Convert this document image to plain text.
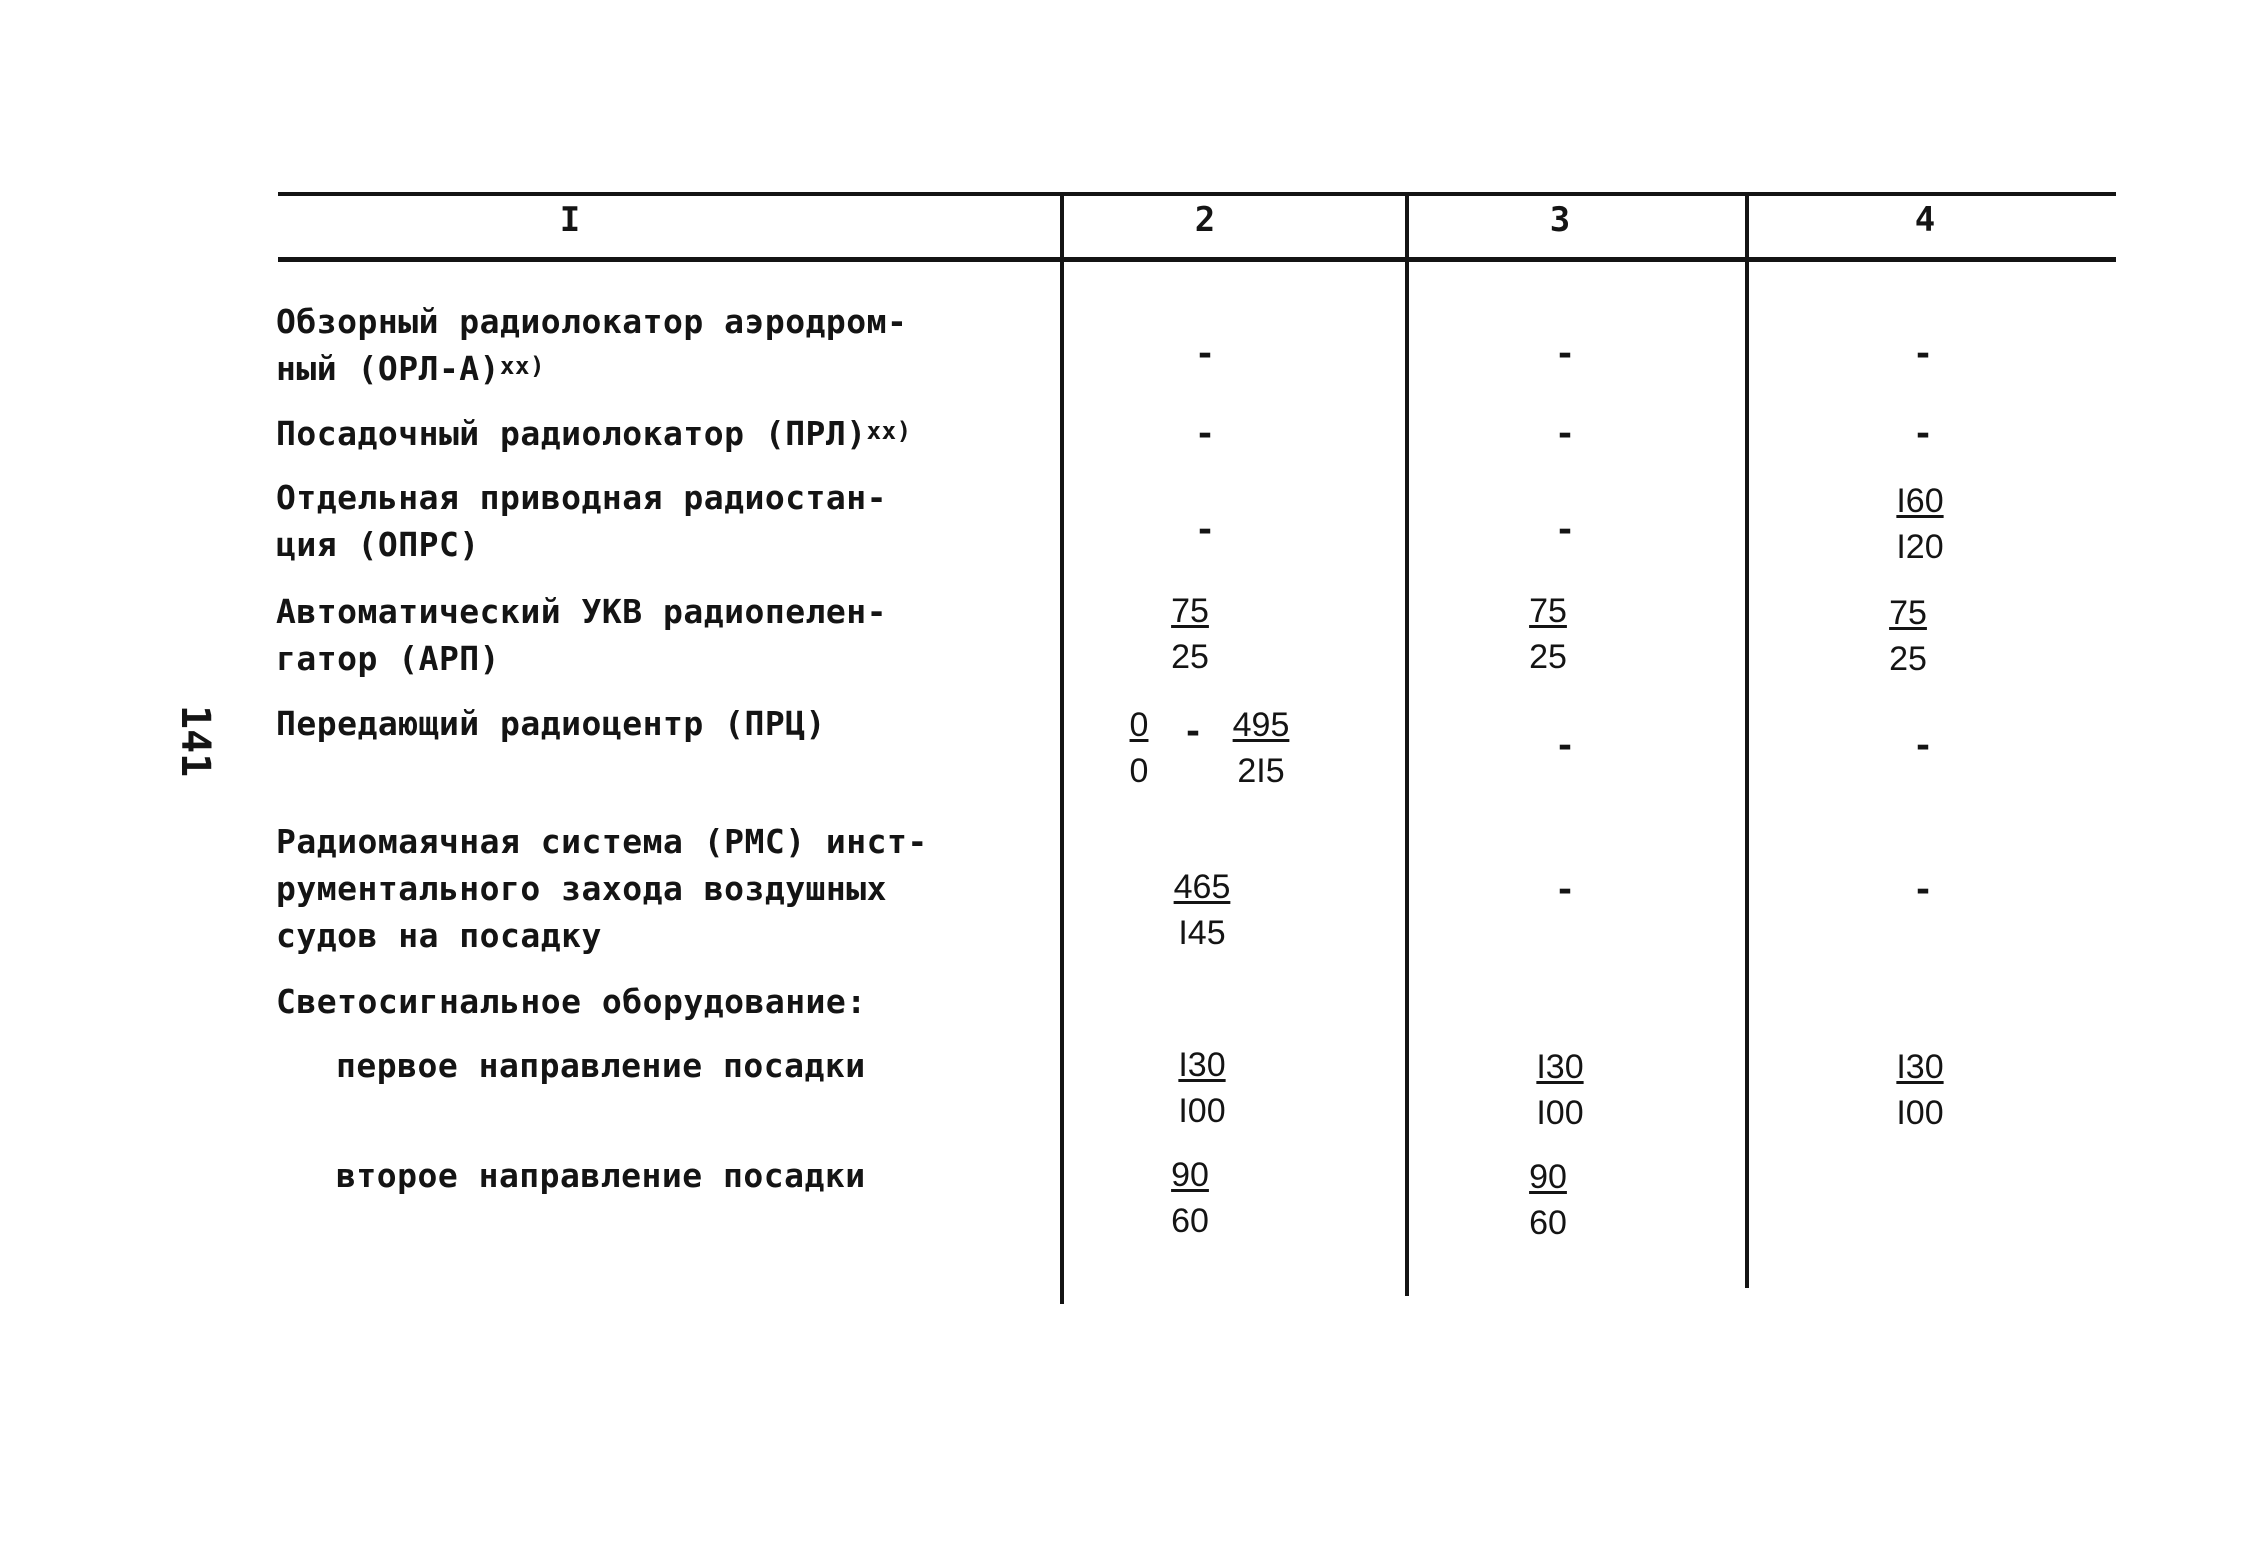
141
I	2	3	4
Обзорный радиолокатор аэродром-
ный $(ОРЛ-А)^{xx)}$	-	-	-
Посадочный радиолокатор (ПРЛ)$^{xx)}$	-	-	-
Отдельная приводная радиостан-
ция (ОПРС)	-	-	$\frac{I60}{I20}$
Автоматический УКВ радиопелен-
гатор (АРП)	$\frac{75}{25}$	$\frac{75}{25}$	$\frac{75}{25}$
Передающий радиоцентр (ПРЦ)	$\frac{0}{0} - \frac{495}{2I5}$	-	-
Радиомаячная система (РМС) инст-
рументального захода воздушных
судов на посадку	$\frac{465}{I45}$	-	-
Светосигнальное оборудование:
первое направление посадки	$\frac{I30}{I00}$	$\frac{I30}{I00}$	$\frac{I30}{I00}$
второе направление посадки	$\frac{90}{60}$	$\frac{90}{60}$
